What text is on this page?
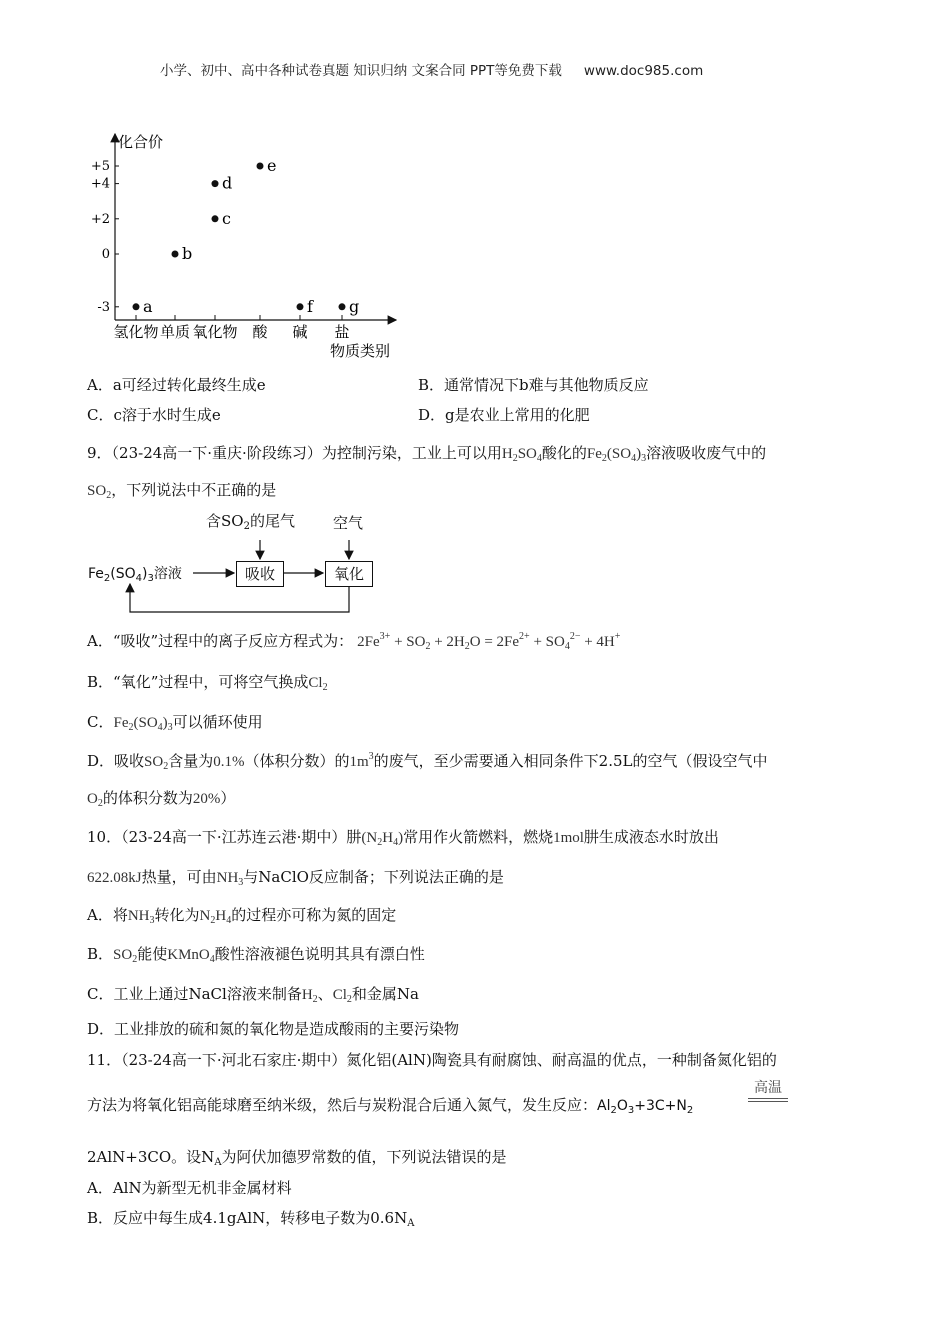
小学、初中、高中各种试卷真题 知识归纳 文案合同 PPT等免费下载 www.doc985.com
化合价
物质类别
+5
+4
+2
0
-3
氢化物 单质 氧化物 酸 碱 盐
a
b
c
d
e
f g
A．a可经过转化最终生成e	B．通常情况下b难与其他物质反应
C．c溶于水时生成e	D．g是农业上常用的化肥
9．（23-24高一下·重庆·阶段练习）为控制污染，工业上可以用$H_2SO_4$酸化的$Fe_2(SO_4)_3$溶液吸收废气中的
$SO_2$，下列说法中不正确的是
含$SO_2$的尾气	空气
$Fe_2(SO_4)_3$溶液	吸收	氧化
A．“吸收”过程中的离子反应方程式为： $2Fe^{3+} + SO_2 + 2H_2O = 2Fe^{2+} + SO_4^{2-} + 4H^+$
B．“氧化”过程中，可将空气换成$Cl_2$
C．$Fe_2(SO_4)_3$可以循环使用
D．吸收$SO_2$含量为0.1%（体积分数）的$1m^3$的废气，至少需要通入相同条件下2.5L的空气（假设空气中
$O_2$的体积分数为20%）
10．（23-24高一下·江苏连云港·期中）肼$(N_2H_4)$常用作火箭燃料，燃烧1mol肼生成液态水时放出
622.08kJ热量，可由$NH_3$与NaClO反应制备；下列说法正确的是
A．将$NH_3$转化为$N_2H_4$的过程亦可称为氮的固定
B．$SO_2$能使KMnO$_4$酸性溶液褪色说明其具有漂白性
C．工业上通过NaCl溶液来制备$H_2$、$Cl_2$和金属Na
D．工业排放的硫和氮的氧化物是造成酸雨的主要污染物
11．（23-24高一下·河北石家庄·期中）氮化铝(AlN)陶瓷具有耐腐蚀、耐高温的优点，一种制备氮化铝的
方法为将氧化铝高能球磨至纳米级，然后与炭粉混合后通入氮气，发生反应：$Al_2O_3+3C+N_2$
高温
2AlN+3CO。设$N_A$为阿伏加德罗常数的值，下列说法错误的是
A．AlN为新型无机非金属材料
B．反应中每生成4.1gAlN，转移电子数为$0.6N_A$
